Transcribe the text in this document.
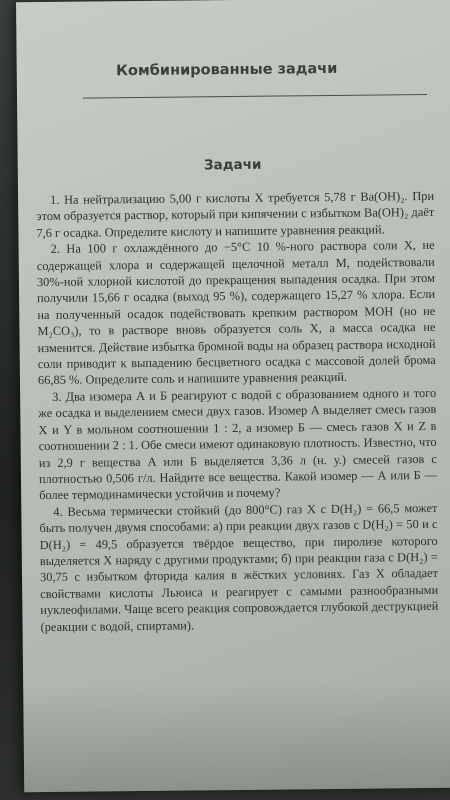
Комбинированные задачи
Задачи

1. На нейтрализацию 5,00 г кислоты X требуется 5,78 г Ba(OH)₂. При этом образуется раствор, который при кипячении с избытком Ba(OH)₂ даёт 7,6 г осадка. Определите кислоту и напишите уравнения реакций.

2. На 100 г охлаждённого до −5°C 10 %-ного раствора соли X, не содержащей хлора и содержащей щелочной металл M, подействовали 30%-ной хлорной кислотой до прекращения выпадения осадка. При этом получили 15,66 г осадка (выход 95 %), содержащего 15,27 % хлора. Если на полученный осадок подействовать крепким раствором MOH (но не M₂CO₃), то в растворе вновь образуется соль X, а масса осадка не изменится. Действие избытка бромной воды на образец раствора исходной соли приводит к выпадению бесцветного осадка с массовой долей брома 66,85 %. Определите соль и напишите уравнения реакций.

3. Два изомера А и Б реагируют с водой с образованием одного и того же осадка и выделением смеси двух газов. Изомер А выделяет смесь газов X и Y в мольном соотношении 1 : 2, а изомер Б — смесь газов X и Z в соотношении 2 : 1. Обе смеси имеют одинаковую плотность. Известно, что из 2,9 г вещества А или Б выделяется 3,36 л (н. у.) смесей газов с плотностью 0,506 г/л. Найдите все вещества. Какой изомер — А или Б — более термодинамически устойчив и почему?

4. Весьма термически стойкий (до 800°C) газ X с D(H₂) = 66,5 может быть получен двумя способами: а) при реакции двух газов с D(H₂) = 50 и с D(H₂) = 49,5 образуется твёрдое вещество, при пиролизе которого выделяется X наряду с другими продуктами; б) при реакции газа с D(H₂) = 30,75 с избытком фторида калия в жёстких условиях. Газ X обладает свойствами кислоты Льюиса и реагирует с самыми разнообразными нуклеофилами. Чаще всего реакция сопровождается глубокой деструкцией (реакции с водой, спиртами).
